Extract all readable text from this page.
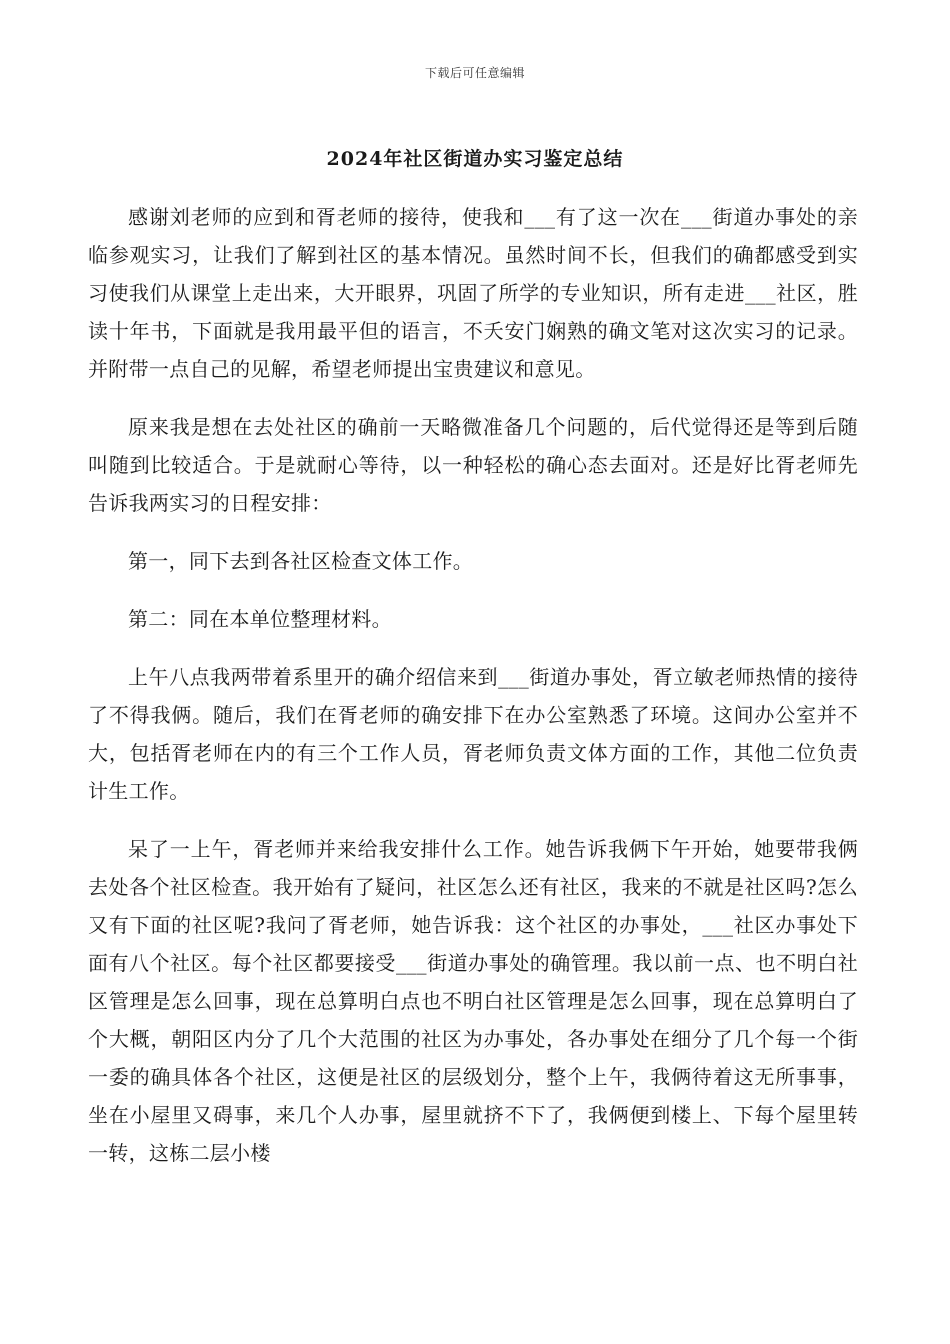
下载后可任意编辑
2024年社区街道办实习鉴定总结

感谢刘老师的应到和胥老师的接待，使我和___有了这一次在___街道办事处的亲临参观实习，让我们了解到社区的基本情况。虽然时间不长，但我们的确都感受到实习使我们从课堂上走出来，大开眼界，巩固了所学的专业知识，所有走进___社区，胜读十年书，下面就是我用最平但的语言，不夭安门娴熟的确文笔对这次实习的记录。并附带一点自己的见解，希望老师提出宝贵建议和意见。

原来我是想在去处社区的确前一天略微准备几个问题的，后代觉得还是等到后随叫随到比较适合。于是就耐心等待，以一种轻松的确心态去面对。还是好比胥老师先告诉我两实习的日程安排：

第一，同下去到各社区检查文体工作。

第二：同在本单位整理材料。

上午八点我两带着系里开的确介绍信来到___街道办事处，胥立敏老师热情的接待了不得我俩。随后，我们在胥老师的确安排下在办公室熟悉了环境。这间办公室并不大，包括胥老师在内的有三个工作人员，胥老师负责文体方面的工作，其他二位负责计生工作。

呆了一上午，胥老师并来给我安排什么工作。她告诉我俩下午开始，她要带我俩去处各个社区检查。我开始有了疑问，社区怎么还有社区，我来的不就是社区吗?怎么又有下面的社区呢?我问了胥老师，她告诉我：这个社区的办事处，___社区办事处下面有八个社区。每个社区都要接受___街道办事处的确管理。我以前一点、也不明白社区管理是怎么回事，现在总算明白点也不明白社区管理是怎么回事，现在总算明白了个大概，朝阳区内分了几个大范围的社区为办事处，各办事处在细分了几个每一个街一委的确具体各个社区，这便是社区的层级划分，整个上午，我俩待着这无所事事，坐在小屋里又碍事，来几个人办事，屋里就挤不下了，我俩便到楼上、下每个屋里转一转，这栋二层小楼
